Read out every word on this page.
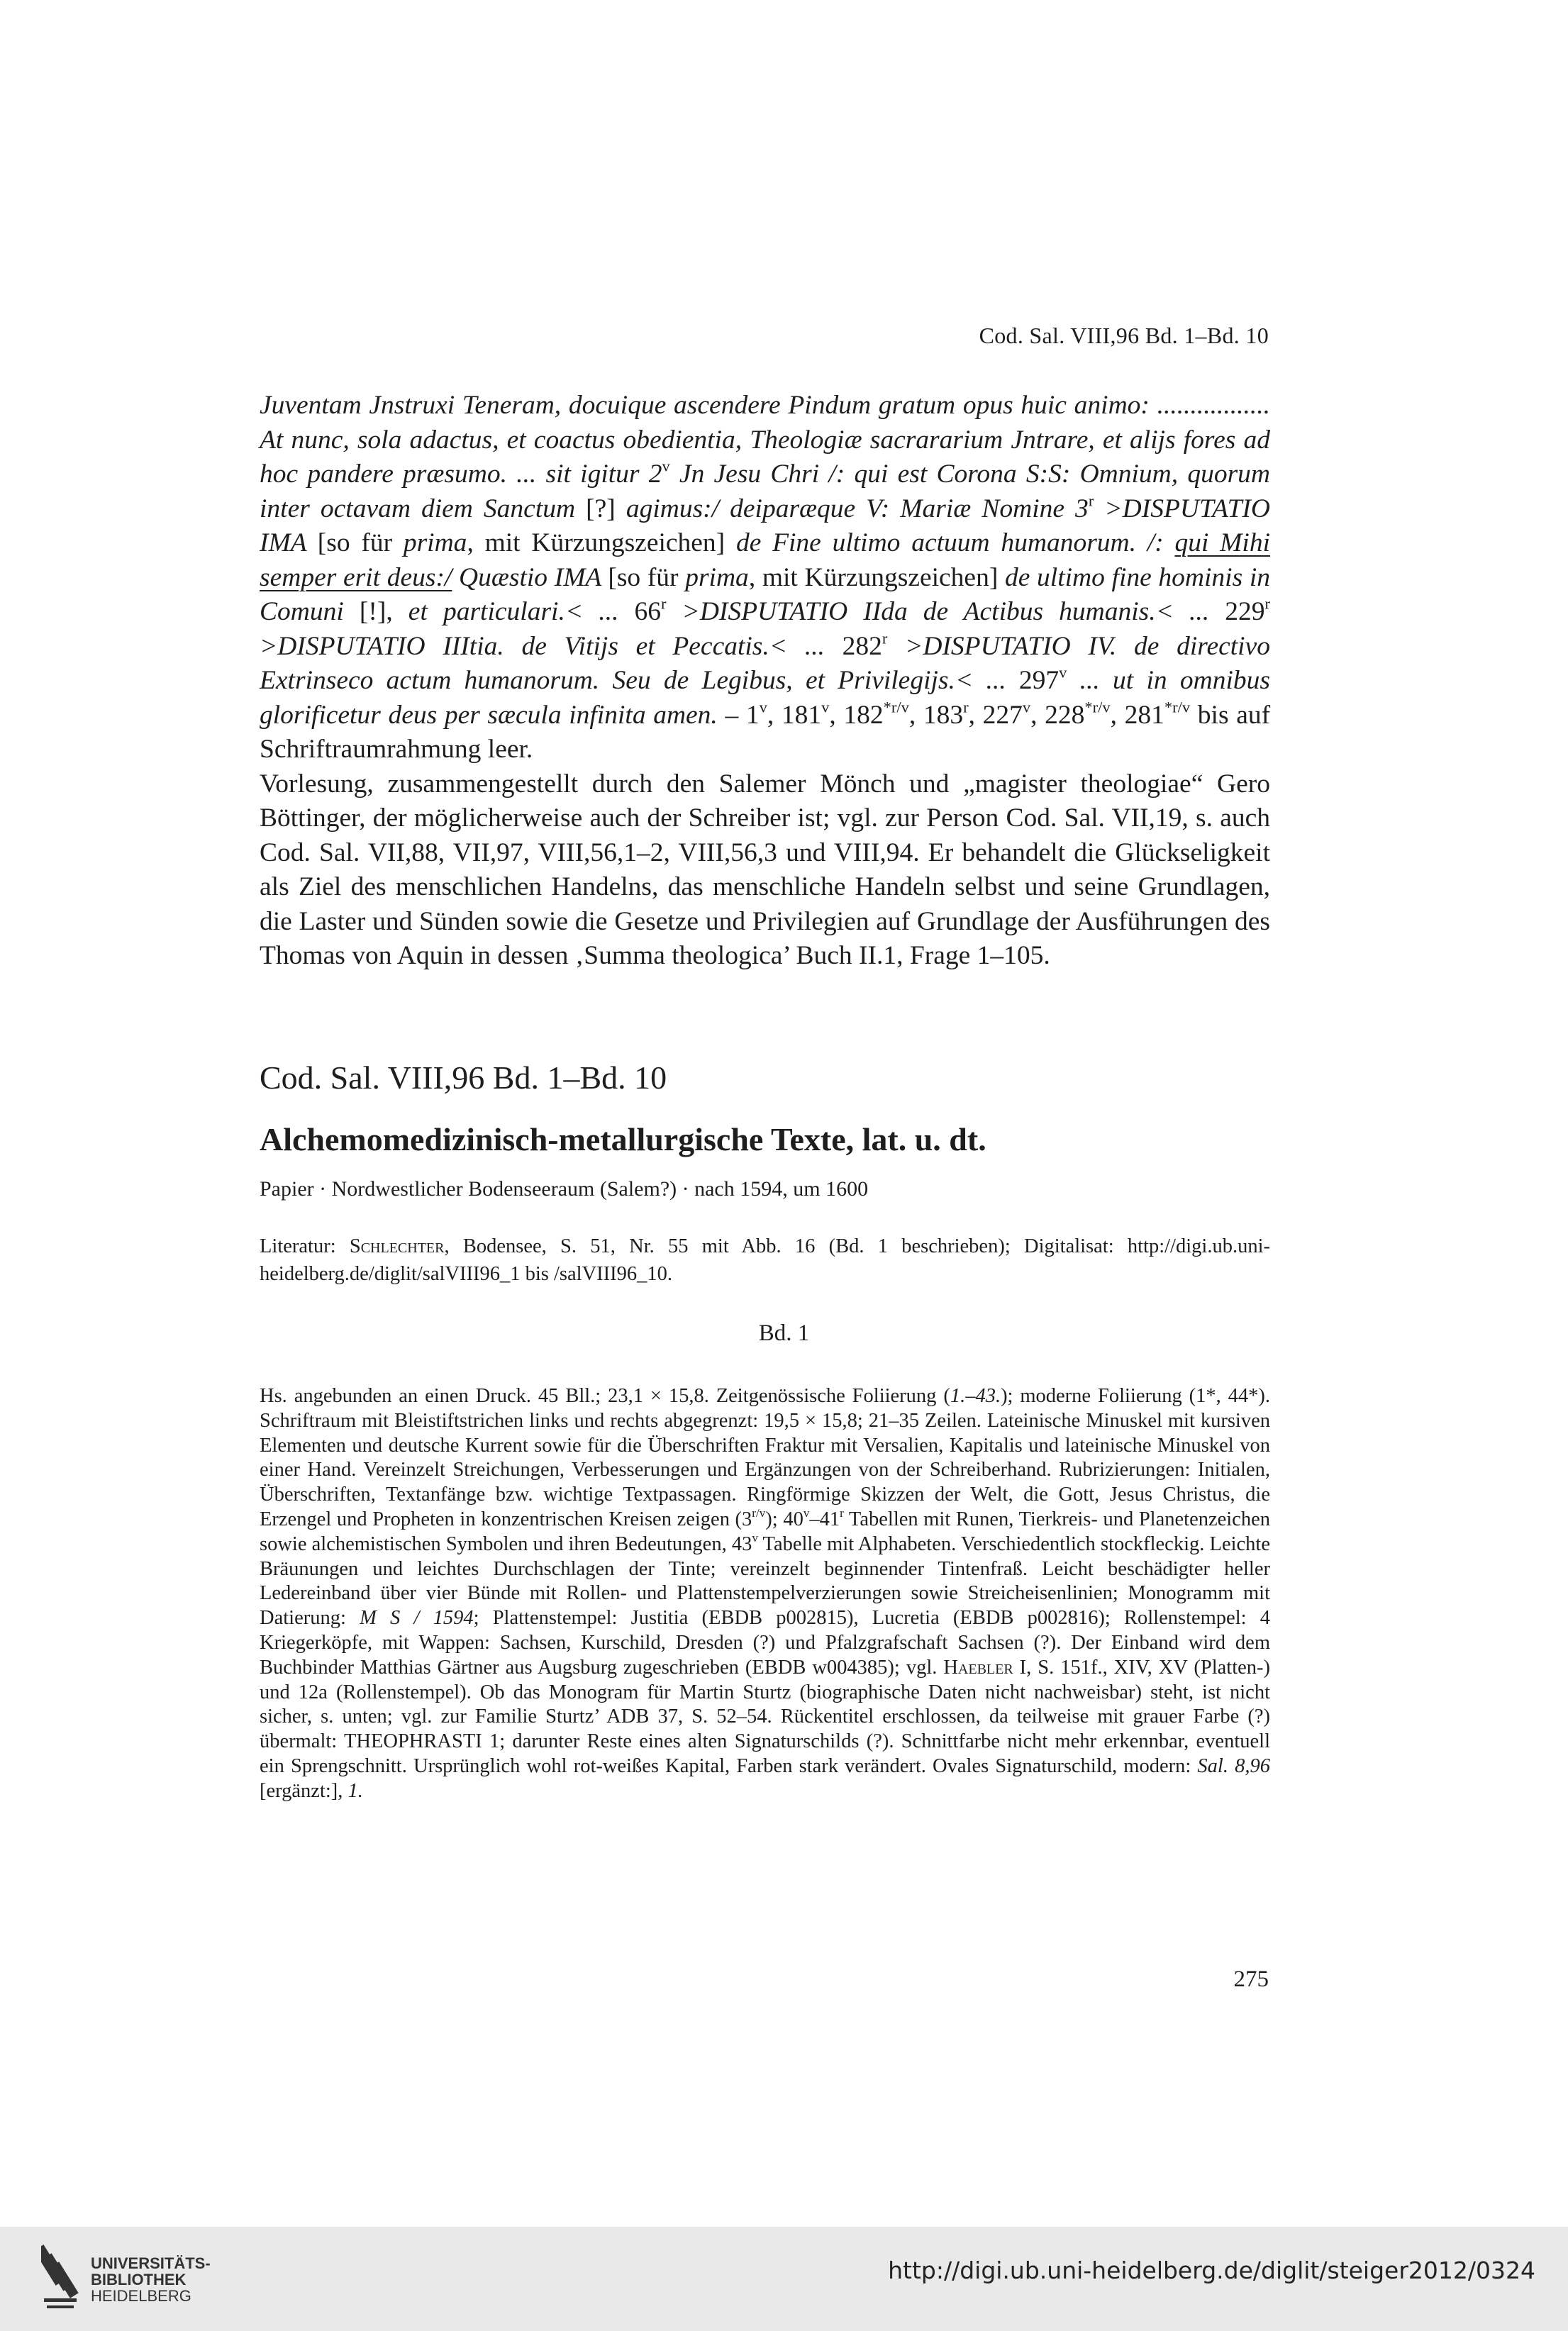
Cod. Sal. VIII,96 Bd. 1–Bd. 10

Juventam Jnstruxi Teneram, docuique ascendere Pindum gratum opus huic animo: ................. At nunc, sola adactus, et coactus obedientia, Theologiæ sacrararium Jntrare, et alijs fores ad hoc pandere præsumo. ... sit igitur 2$^v$ Jn Jesu Chri /: qui est Corona S:S: Omnium, quorum inter octavam diem Sanctum [?] agimus:/ deiparæque V: Mariæ Nomine $3^r$ >DISPUTATIO IMA [so für prima, mit Kürzungszeichen] de Fine ultimo actuum humanorum. /: qui Mihi semper erit deus:/ Quæstio IMA [so für prima, mit Kürzungszeichen] de ultimo fine hominis in Comuni [!], et particulari.< ... $66^r$ >DISPUTATIO IIda de Actibus humanis.< ... $229^r$ >DISPUTATIO IIItia. de Vitijs et Peccatis.< ... $282^r$ >DISPUTATIO IV. de directivo Extrinseco actum humanorum. Seu de Legibus, et Privilegijs.< ... 297$^v$ ... ut in omnibus glorificetur deus per sæcula infinita amen. – 1$^v$, 181$^v$, $182^{*r/v}$, 183$^r$, 227$^v$, $228^{*r/v}$, $281^{*r/v}$ bis auf Schriftraumrahmung leer.

Vorlesung, zusammengestellt durch den Salemer Mönch und „magister theologiae“ Gero Böttinger, der möglicherweise auch der Schreiber ist; vgl. zur Person Cod. Sal. VII,19, s. auch Cod. Sal. VII,88, VII,97, VIII,56,1–2, VIII,56,3 und VIII,94. Er behandelt die Glückseligkeit als Ziel des menschlichen Handelns, das menschliche Handeln selbst und seine Grundlagen, die Laster und Sünden sowie die Gesetze und Privilegien auf Grundlage der Ausführungen des Thomas von Aquin in dessen ‚Summa theologica’ Buch II.1, Frage 1–105.

Cod. Sal. VIII,96 Bd. 1–Bd. 10
Alchemomedizinisch-metallurgische Texte, lat. u. dt.
Papier · Nordwestlicher Bodenseeraum (Salem?) · nach 1594, um 1600
Literatur: Schlechter, Bodensee, S. 51, Nr. 55 mit Abb. 16 (Bd. 1 beschrieben); Digitalisat: http://digi.ub.uni-heidelberg.de/diglit/salVIII96_1 bis /salVIII96_10.
Bd. 1

Hs. angebunden an einen Druck. 45 Bll.; 23,1 × 15,8. Zeitgenössische Foliierung (1.–43.); moderne Foliierung (1*, 44*). Schriftraum mit Bleistiftstrichen links und rechts abgegrenzt: 19,5 × 15,8; 21–35 Zeilen. Lateinische Minuskel mit kursiven Elementen und deutsche Kurrent sowie für die Überschriften Fraktur mit Versalien, Kapitalis und lateinische Minuskel von einer Hand. Vereinzelt Streichungen, Verbesserungen und Ergänzungen von der Schreiberhand. Rubrizierungen: Initialen, Überschriften, Textanfänge bzw. wichtige Textpassagen. Ringförmige Skizzen der Welt, die Gott, Jesus Christus, die Erzengel und Propheten in konzentrischen Kreisen zeigen $(3^{r/v})$; 40$^v$–41$^r$ Tabellen mit Runen, Tierkreis- und Planetenzeichen sowie alchemistischen Symbolen und ihren Bedeutungen, 43$^v$ Tabelle mit Alphabeten. Verschiedentlich stockfleckig. Leichte Bräunungen und leichtes Durchschlagen der Tinte; vereinzelt beginnender Tintenfraß. Leicht beschädigter heller Ledereinband über vier Bünde mit Rollen- und Plattenstempelverzierungen sowie Streicheisenlinien; Monogramm mit Datierung: M S / 1594; Plattenstempel: Justitia (EBDB p002815), Lucretia (EBDB p002816); Rollenstempel: 4 Kriegerköpfe, mit Wappen: Sachsen, Kurschild, Dresden (?) und Pfalzgrafschaft Sachsen (?). Der Einband wird dem Buchbinder Matthias Gärtner aus Augsburg zugeschrieben (EBDB w004385); vgl. Haebler I, S. 151f., XIV, XV (Platten-) und 12a (Rollenstempel). Ob das Monogram für Martin Sturtz (biographische Daten nicht nachweisbar) steht, ist nicht sicher, s. unten; vgl. zur Familie Sturtz’ ADB 37, S. 52–54. Rückentitel erschlossen, da teilweise mit grauer Farbe (?) übermalt: THEOPHRASTI 1; darunter Reste eines alten Signaturschilds (?). Schnittfarbe nicht mehr erkennbar, eventuell ein Sprengschnitt. Ursprünglich wohl rot-weißes Kapital, Farben stark verändert. Ovales Signaturschild, modern: Sal. 8,96 [ergänzt:], 1.

275
UNIVERSITÄTS-
BIBLIOTHEK
HEIDELBERG
http://digi.ub.uni-heidelberg.de/diglit/steiger2012/0324
